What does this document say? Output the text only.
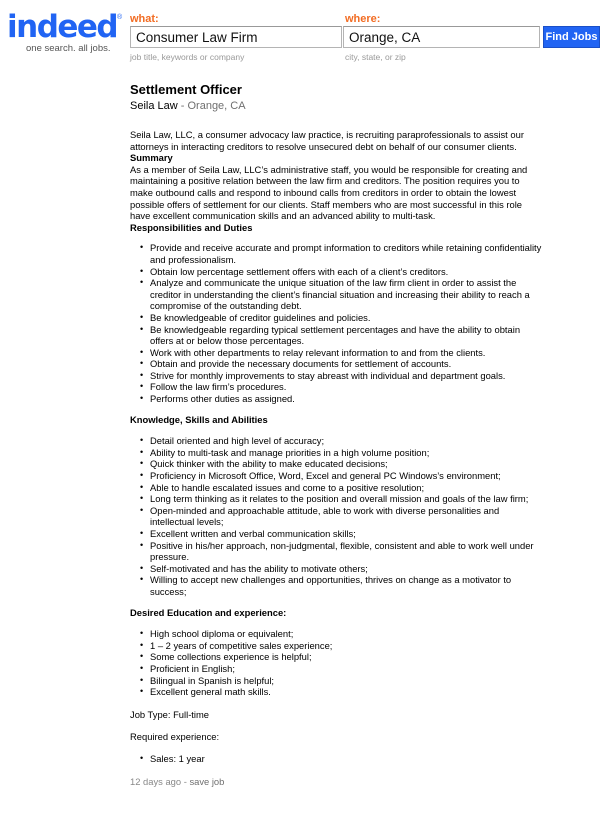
indeed ®
one search. all jobs.
what:
Consumer Law Firm
job title, keywords or company
where:
Orange, CA
city, state, or zip
Find Jobs
Settlement Officer
Seila Law - Orange, CA

Seila Law, LLC, a consumer advocacy law practice, is recruiting paraprofessionals to assist our attorneys in interacting creditors to resolve unsecured debt on behalf of our consumer clients.

Summary

As a member of Seila Law, LLC’s administrative staff, you would be responsible for creating and maintaining a positive relation between the law firm and creditors. The position requires you to make outbound calls and respond to inbound calls from creditors in order to obtain the lowest possible offers of settlement for our clients. Staff members who are most successful in this role have excellent communication skills and an advanced ability to multi-task.

Responsibilities and Duties

• Provide and receive accurate and prompt information to creditors while retaining confidentiality and professionalism.
• Obtain low percentage settlement offers with each of a client’s creditors.
• Analyze and communicate the unique situation of the law firm client in order to assist the creditor in understanding the client’s financial situation and increasing their ability to reach a compromise of the outstanding debt.
• Be knowledgeable of creditor guidelines and policies.
• Be knowledgeable regarding typical settlement percentages and have the ability to obtain offers at or below those percentages.
• Work with other departments to relay relevant information to and from the clients.
• Obtain and provide the necessary documents for settlement of accounts.
• Strive for monthly improvements to stay abreast with individual and department goals.
• Follow the law firm’s procedures.
• Performs other duties as assigned.

Knowledge, Skills and Abilities

• Detail oriented and high level of accuracy;
• Ability to multi-task and manage priorities in a high volume position;
• Quick thinker with the ability to make educated decisions;
• Proficiency in Microsoft Office, Word, Excel and general PC Windows’s environment;
• Able to handle escalated issues and come to a positive resolution;
• Long term thinking as it relates to the position and overall mission and goals of the law firm;
• Open-minded and approachable attitude, able to work with diverse personalities and intellectual levels;
• Excellent written and verbal communication skills;
• Positive in his/her approach, non-judgmental, flexible, consistent and able to work well under pressure.
• Self-motivated and has the ability to motivate others;
• Willing to accept new challenges and opportunities, thrives on change as a motivator to success;

Desired Education and experience:

• High school diploma or equivalent;
• 1 – 2 years of competitive sales experience;
• Some collections experience is helpful;
• Proficient in English;
• Bilingual in Spanish is helpful;
• Excellent general math skills.

Job Type: Full-time

Required experience:

• Sales: 1 year

12 days ago - save job
